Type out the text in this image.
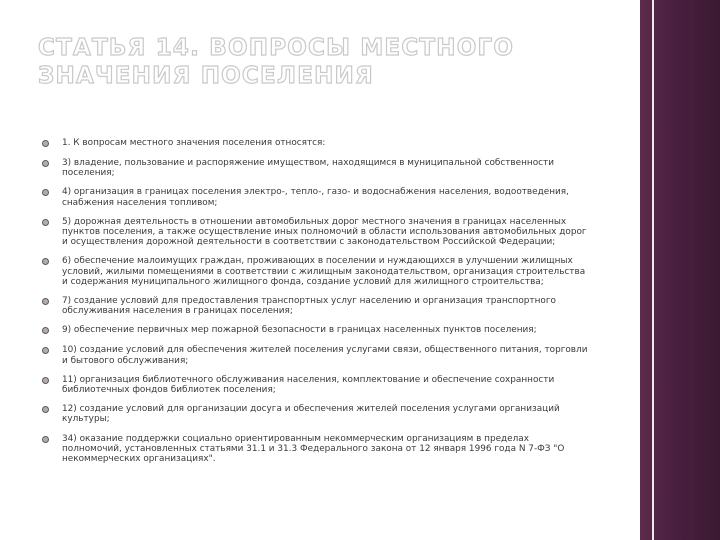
СТАТЬЯ 14. ВОПРОСЫ МЕСТНОГО ЗНАЧЕНИЯ ПОСЕЛЕНИЯ
1. К вопросам местного значения поселения относятся:
3) владение, пользование и распоряжение имуществом, находящимся в муниципальной собственности поселения;
4) организация в границах поселения электро-, тепло-, газо- и водоснабжения населения, водоотведения, снабжения населения топливом;
5) дорожная деятельность в отношении автомобильных дорог местного значения в границах населенных пунктов поселения, а также осуществление иных полномочий в области использования автомобильных дорог и осуществления дорожной деятельности в соответствии с законодательством Российской Федерации;
6) обеспечение малоимущих граждан, проживающих в поселении и нуждающихся в улучшении жилищных условий, жилыми помещениями в соответствии с жилищным законодательством, организация строительства и содержания муниципального жилищного фонда, создание условий для жилищного строительства;
7) создание условий для предоставления транспортных услуг населению и организация транспортного обслуживания населения в границах поселения;
9) обеспечение первичных мер пожарной безопасности в границах населенных пунктов поселения;
10) создание условий для обеспечения жителей поселения услугами связи, общественного питания, торговли и бытового обслуживания;
11) организация библиотечного обслуживания населения, комплектование и обеспечение сохранности библиотечных фондов библиотек поселения;
12) создание условий для организации досуга и обеспечения жителей поселения услугами организаций культуры;
34) оказание поддержки социально ориентированным некоммерческим организациям в пределах полномочий, установленных статьями 31.1 и 31.3 Федерального закона от 12 января 1996 года N 7-ФЗ "О некоммерческих организациях".
